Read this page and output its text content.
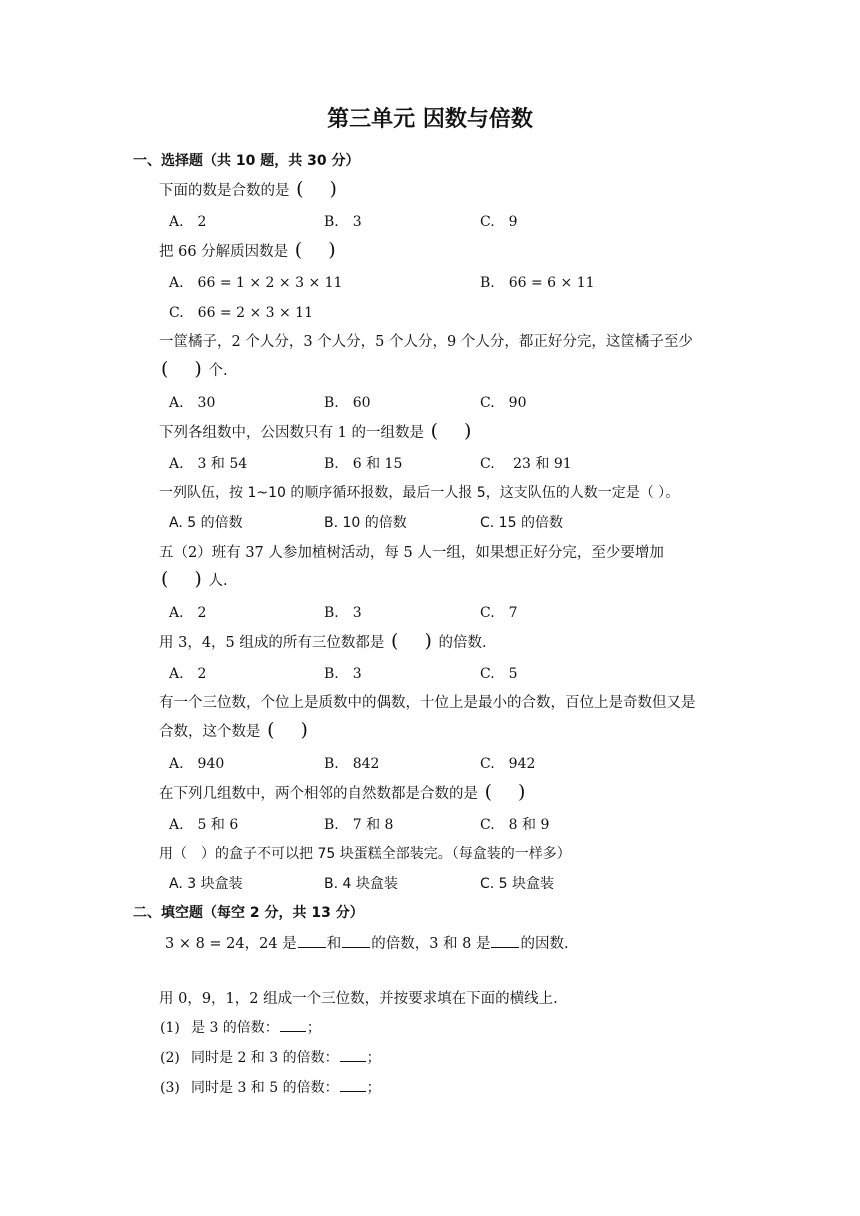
第三单元 因数与倍数
一、选择题（共 10 题，共 30 分）
下面的数是合数的是 ( )
A.　2	B.　3	C.　9
把 66 分解质因数是 ( )
A.　66 = 1 × 2 × 3 × 11	B.　66 = 6 × 11
C.　66 = 2 × 3 × 11
一筐橘子，2 个人分，3 个人分，5 个人分，9 个人分，都正好分完，这筐橘子至少
( ) 个.
A.　30	B.　60	C.　90
下列各组数中，公因数只有 1 的一组数是 ( )
A.　3 和 54	B.　6 和 15	C.　 23 和 91
一列队伍，按 1~10 的顺序循环报数，最后一人报 5，这支队伍的人数一定是（ ）。
A. 5 的倍数	B. 10 的倍数	C. 15 的倍数
五（2）班有 37 人参加植树活动，每 5 人一组，如果想正好分完，至少要增加
( ) 人.
A.　2	B.　3	C.　7
用 3，4，5 组成的所有三位数都是 ( ) 的倍数.
A.　2	B.　3	C.　5
有一个三位数，个位上是质数中的偶数，十位上是最小的合数，百位上是奇数但又是
合数，这个数是 ( )
A.　940	B.　842	C.　942
在下列几组数中，两个相邻的自然数都是合数的是 ( )
A.　5 和 6	B.　7 和 8	C.　8 和 9
用（　）的盒子不可以把 75 块蛋糕全部装完。（每盒装的一样多）
A. 3 块盒装	B. 4 块盒装	C. 5 块盒装
二、填空题（每空 2 分，共 13 分）
3 × 8 = 24，24 是 和 的倍数，3 和 8 是 的因数.
用 0，9，1，2 组成一个三位数，并按要求填在下面的横线上.
(1) 是 3 的倍数： ；
(2) 同时是 2 和 3 的倍数： ；
(3) 同时是 3 和 5 的倍数： ；
